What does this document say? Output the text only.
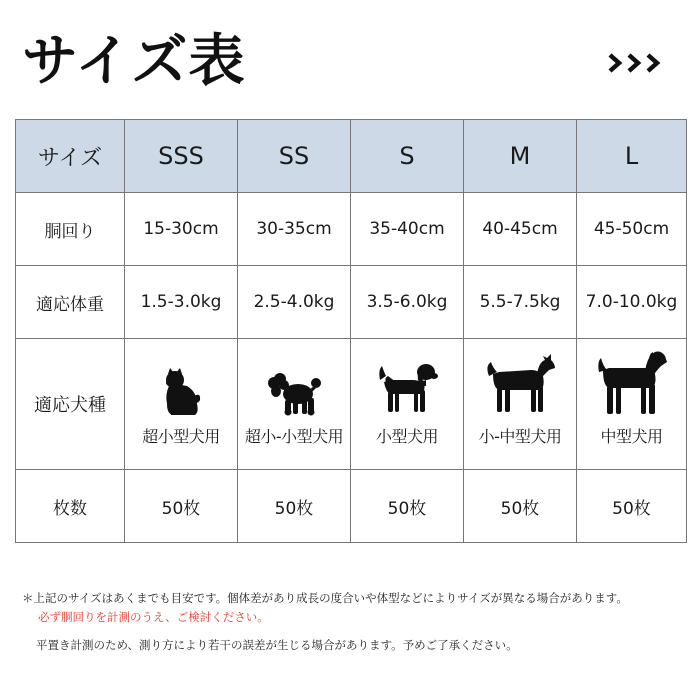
サイズ表
サイズ	SSS	SS	S	M	L
胴回り	15-30cm	30-35cm	35-40cm	40-45cm	45-50cm
適応体重	1.5-3.0kg	2.5-4.0kg	3.5-6.0kg	5.5-7.5kg	7.0-10.0kg
適応犬種	超小型犬用	超小-小型犬用	小型犬用	小-中型犬用	中型犬用

枚数	50枚	50枚	50枚	50枚	50枚

＊上記のサイズはあくまでも目安です。個体差があり成長の度合いや体型などによりサイズが異なる場合があります。

必ず胴回りを計測のうえ、ご検討ください。

平置き計測のため、測り方により若干の誤差が生じる場合があります。予めご了承ください。
